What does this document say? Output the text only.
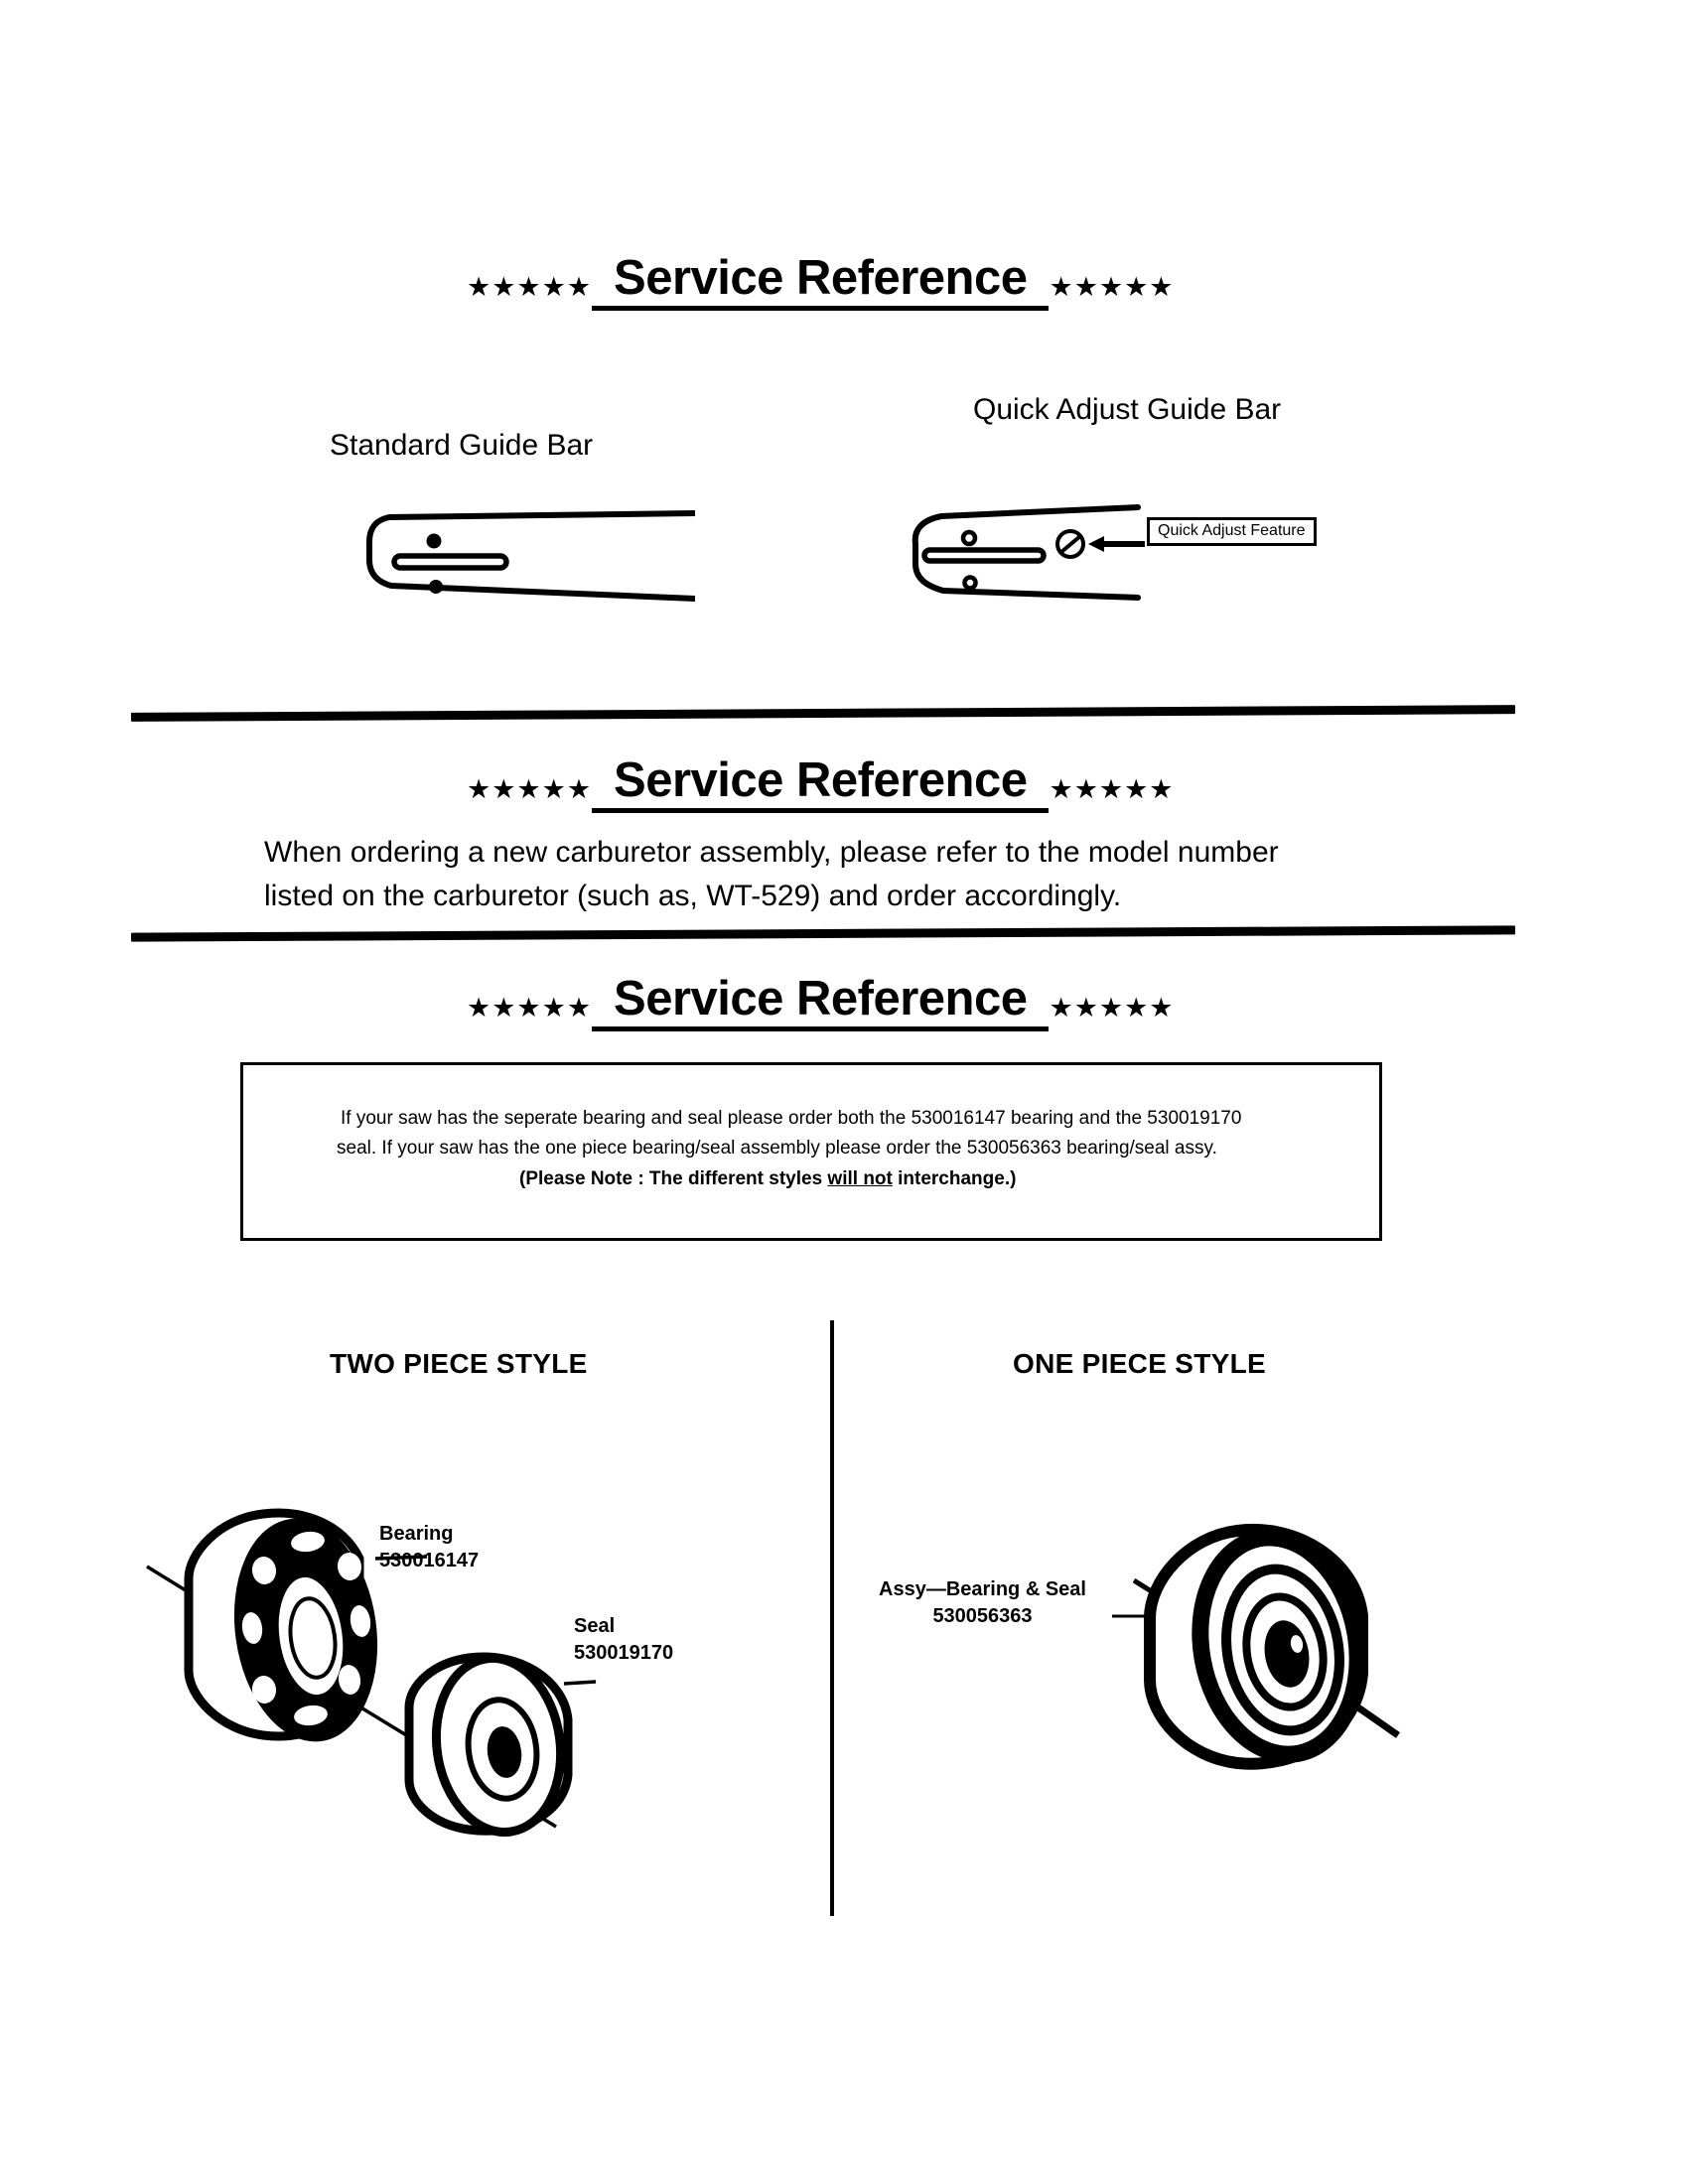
★★★★★ Service Reference ★★★★★
Standard Guide Bar
Quick Adjust Guide Bar
Quick Adjust Feature
★★★★★ Service Reference ★★★★★
When ordering a new carburetor assembly, please refer to the model number
listed on the carburetor (such as, WT-529) and order accordingly.
★★★★★ Service Reference ★★★★★
If your saw has the seperate bearing and seal please order both the 530016147 bearing and the 530019170
seal. If your saw has the one piece bearing/seal assembly please order the 530056363 bearing/seal assy.
(Please Note : The different styles will not interchange.)
TWO PIECE STYLE	ONE PIECE STYLE
Bearing
530016147
Seal
530019170
Assy—Bearing & Seal
530056363
